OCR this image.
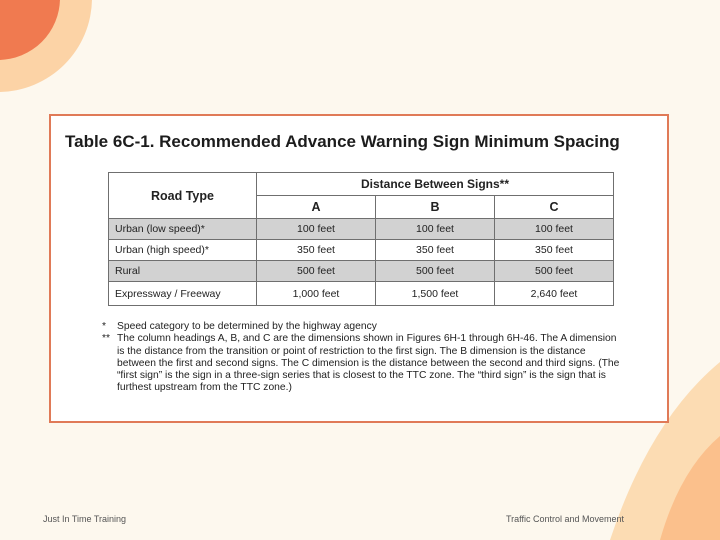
Table 6C-1. Recommended Advance Warning Sign Minimum Spacing
Road Type	Distance Between Signs**		
	A	B	C
Urban (low speed)*	100 feet	100 feet	100 feet
Urban (high speed)*	350 feet	350 feet	350 feet
Rural	500 feet	500 feet	500 feet
Expressway / Freeway	1,000 feet	1,500 feet	2,640 feet
*	Speed category to be determined by the highway agency
** The column headings A, B, and C are the dimensions shown in Figures 6H-1 through 6H-46. The A dimension is the distance from the transition or point of restriction to the first sign. The B dimension is the distance between the first and second signs. The C dimension is the distance between the second and third signs. (The “first sign” is the sign in a three-sign series that is closest to the TTC zone. The “third sign” is the sign that is furthest upstream from the TTC zone.)
Just In Time Training	Traffic Control and Movement
